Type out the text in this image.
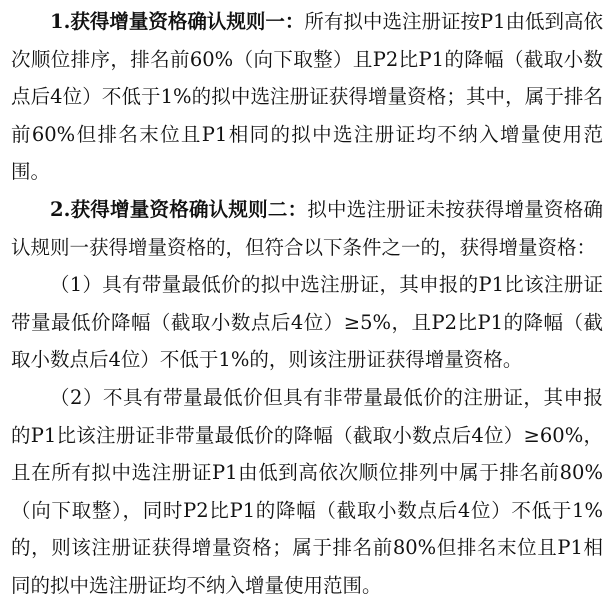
1.获得增量资格确认规则一：所有拟中选注册证按P1由低到高依次顺位排序，排名前60%（向下取整）且P2比P1的降幅（截取小数点后4位）不低于1%的拟中选注册证获得增量资格；其中，属于排名前60%但排名末位且P1相同的拟中选注册证均不纳入增量使用范围。

2.获得增量资格确认规则二：拟中选注册证未按获得增量资格确认规则一获得增量资格的，但符合以下条件之一的，获得增量资格：

（1）具有带量最低价的拟中选注册证，其申报的P1比该注册证带量最低价降幅（截取小数点后4位）≥5%，且P2比P1的降幅（截取小数点后4位）不低于1%的，则该注册证获得增量资格。

（2）不具有带量最低价但具有非带量最低价的注册证，其申报的P1比该注册证非带量最低价的降幅（截取小数点后4位）≥60%，且在所有拟中选注册证P1由低到高依次顺位排列中属于排名前80%（向下取整），同时P2比P1的降幅（截取小数点后4位）不低于1%的，则该注册证获得增量资格；属于排名前80%但排名末位且P1相同的拟中选注册证均不纳入增量使用范围。
